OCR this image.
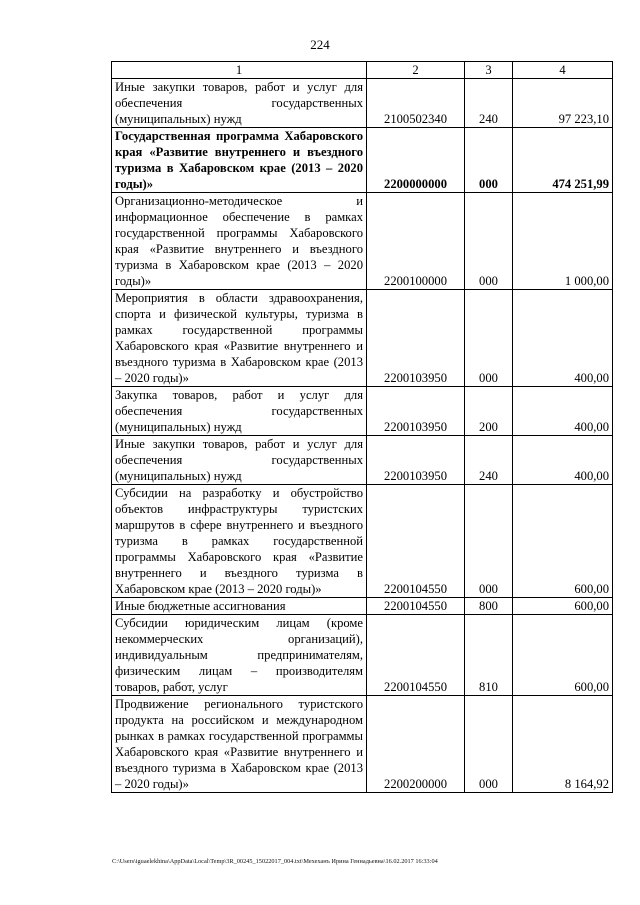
224
1	2	3	4
Иные закупки товаров, работ и услуг для обеспечения государственных (муниципальных) нужд	2100502340	240	97 223,10
Государственная программа Хабаровского края «Развитие внутреннего и въездного туризма в Хабаровском крае (2013 – 2020 годы)»	2200000000	000	474 251,99
Организационно-методическое и информационное обеспечение в рамках государственной программы Хабаровского края «Развитие внутреннего и въездного туризма в Хабаровском крае (2013 – 2020 годы)»	2200100000	000	1 000,00
Мероприятия в области здравоохранения, спорта и физической культуры, туризма в рамках государственной программы Хабаровского края «Развитие внутреннего и въездного туризма в Хабаровском крае (2013 – 2020 годы)»	2200103950	000	400,00
Закупка товаров, работ и услуг для обеспечения государственных (муниципальных) нужд	2200103950	200	400,00
Иные закупки товаров, работ и услуг для обеспечения государственных (муниципальных) нужд	2200103950	240	400,00
Субсидии на разработку и обустройство объектов инфраструктуры туристских маршрутов в сфере внутреннего и въездного туризма в рамках государственной программы Хабаровского края «Развитие внутреннего и въездного туризма в Хабаровском крае (2013 – 2020 годы)»	2200104550	000	600,00
Иные бюджетные ассигнования	2200104550	800	600,00
Субсидии юридическим лицам (кроме некоммерческих организаций), индивидуальным предпринимателям, физическим лицам – производителям товаров, работ, услуг	2200104550	810	600,00
Продвижение регионального туристского продукта на российском и международном рынках в рамках государственной программы Хабаровского края «Развитие внутреннего и въездного туризма в Хабаровском крае (2013 – 2020 годы)»	2200200000	000	8 164,92
C:\Users\iguaelekhina\AppData\Local\Temp\3R_00245_15022017_004.txt\Мехеханъ Ирина Геннадьевна\16.02.2017 16:33:04
